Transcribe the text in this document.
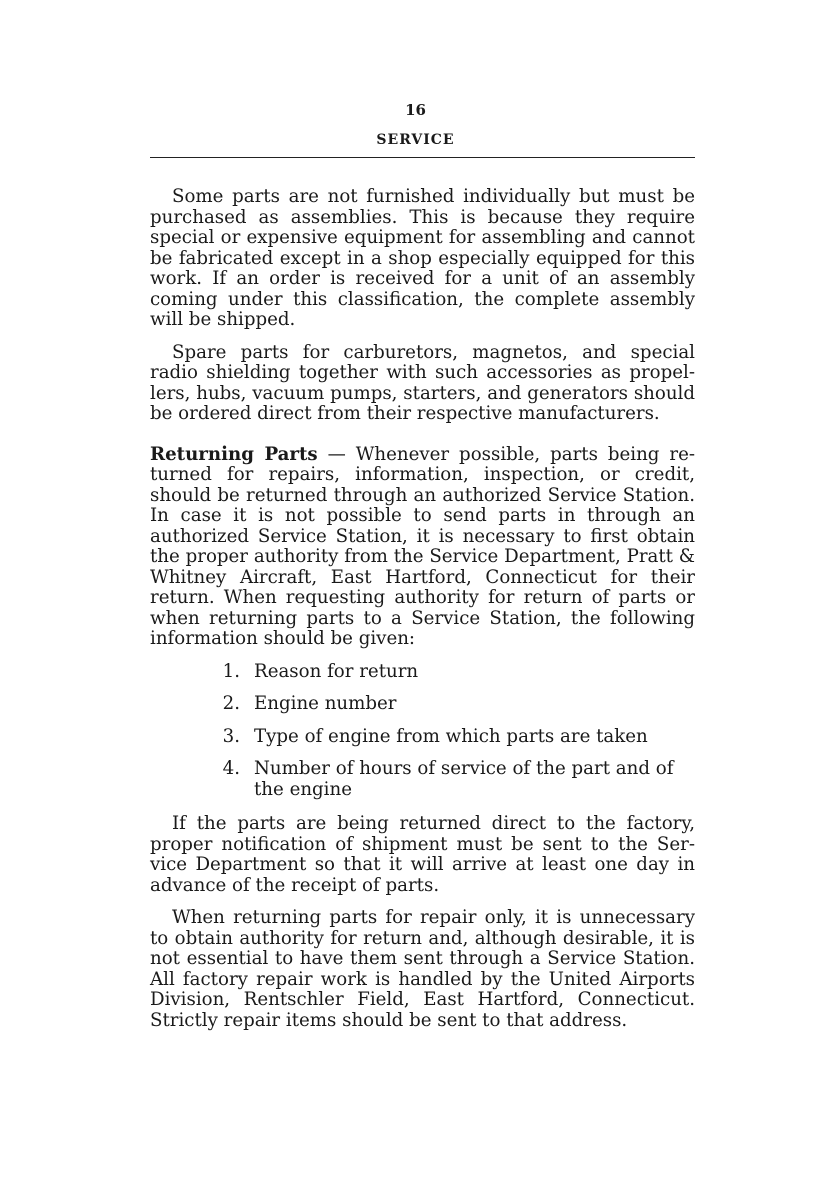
16
SERVICE

Some parts are not furnished individually but must be purchased as assemblies. This is because they require special or expensive equipment for assembling and cannot be fabricated except in a shop especially equipped for this work. If an order is received for a unit of an assembly coming under this classification, the complete assembly will be shipped.

Spare parts for carburetors, magnetos, and special radio shielding together with such accessories as propellers, hubs, vacuum pumps, starters, and generators should be ordered direct from their respective manufacturers.

Returning Parts — Whenever possible, parts being returned for repairs, information, inspection, or credit, should be returned through an authorized Service Station. In case it is not possible to send parts in through an authorized Service Station, it is necessary to first obtain the proper authority from the Service Department, Pratt & Whitney Aircraft, East Hartford, Connecticut for their return. When requesting authority for return of parts or when returning parts to a Service Station, the following information should be given:

1. Reason for return
2. Engine number
3. Type of engine from which parts are taken
4. Number of hours of service of the part and of the engine

If the parts are being returned direct to the factory, proper notification of shipment must be sent to the Service Department so that it will arrive at least one day in advance of the receipt of parts.

When returning parts for repair only, it is unnecessary to obtain authority for return and, although desirable, it is not essential to have them sent through a Service Station. All factory repair work is handled by the United Airports Division, Rentschler Field, East Hartford, Connecticut. Strictly repair items should be sent to that address.
